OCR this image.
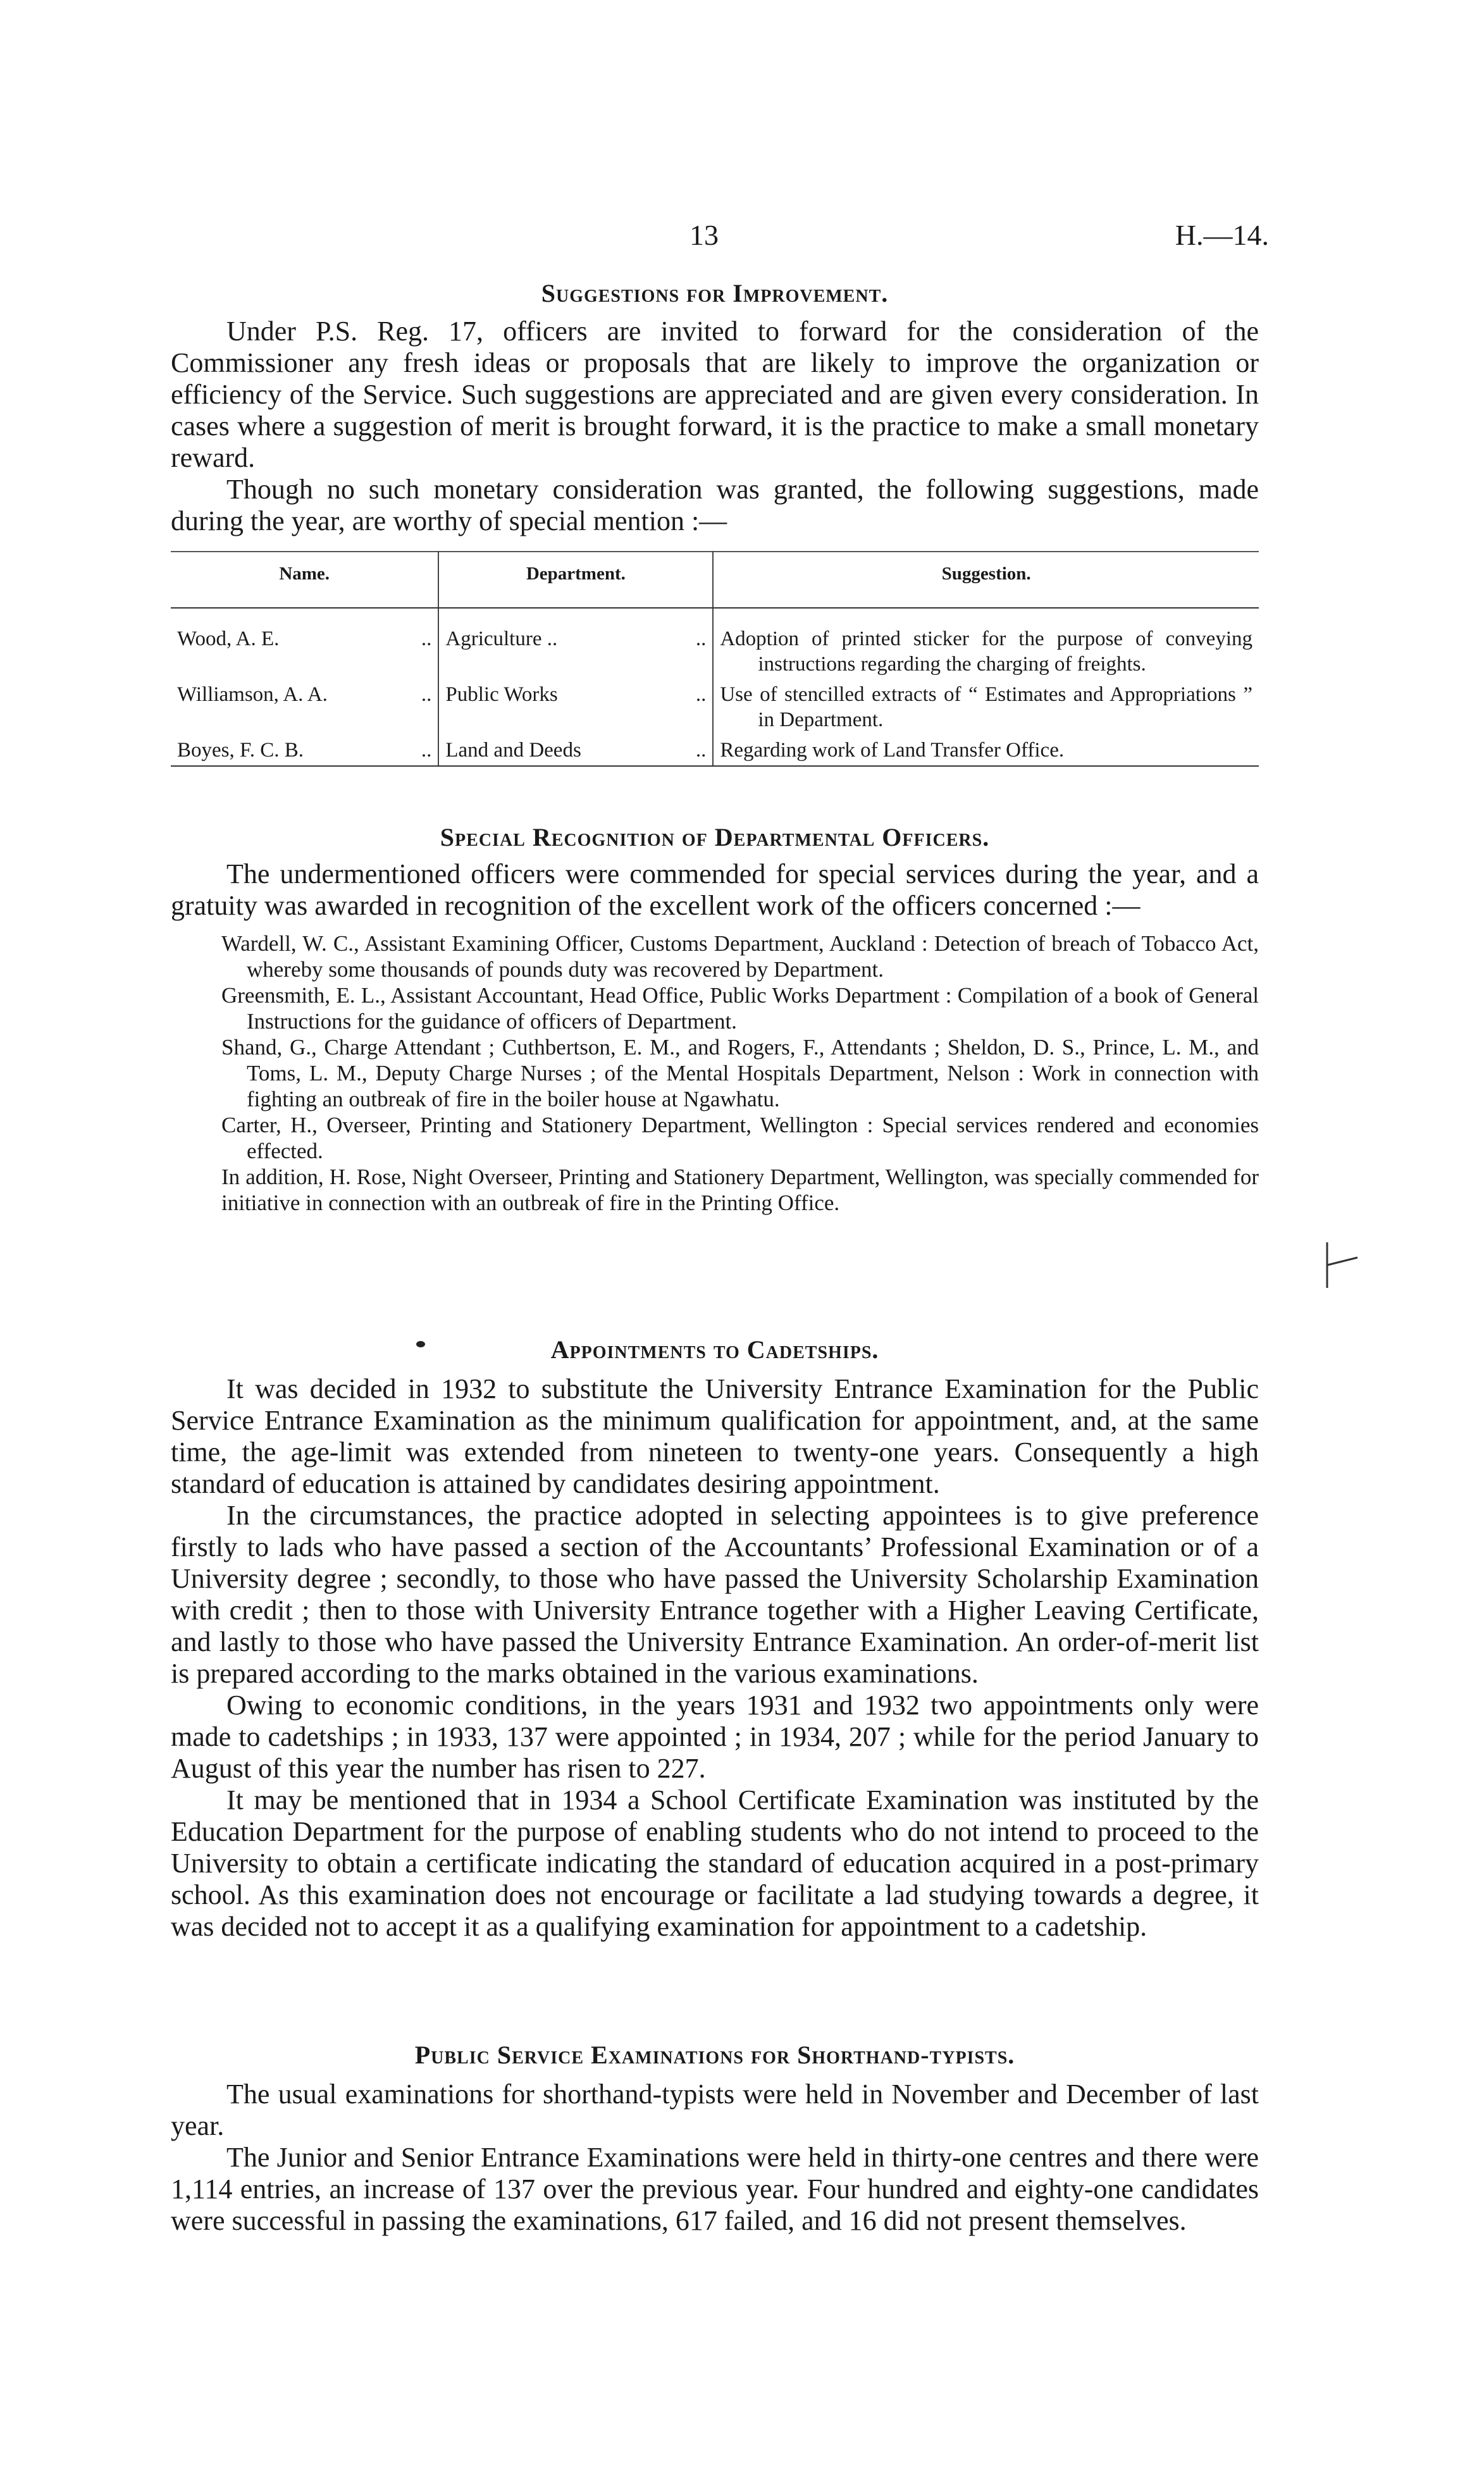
13	H.—14.
Suggestions for Improvement.

Under P.S. Reg. 17, officers are invited to forward for the consideration of the Commissioner any fresh ideas or proposals that are likely to improve the organization or efficiency of the Service. Such suggestions are appreciated and are given every consideration. In cases where a suggestion of merit is brought forward, it is the practice to make a small monetary reward.

Though no such monetary consideration was granted, the following suggestions, made during the year, are worthy of special mention :—

Name.	Department.	Suggestion.

Wood, A. E. ..	Agriculture .. ..	Adoption of printed sticker for the purpose of conveying instructions regarding the charging of freights.

Williamson, A. A. ..	Public Works ..	Use of stencilled extracts of “ Estimates and Appropriations ” in Department.

Boyes, F. C. B. ..	Land and Deeds ..	Regarding work of Land Transfer Office.
Special Recognition of Departmental Officers.

The undermentioned officers were commended for special services during the year, and a gratuity was awarded in recognition of the excellent work of the officers concerned :—

Wardell, W. C., Assistant Examining Officer, Customs Department, Auckland : Detection of breach of Tobacco Act, whereby some thousands of pounds duty was recovered by Department.

Greensmith, E. L., Assistant Accountant, Head Office, Public Works Department : Compilation of a book of General Instructions for the guidance of officers of Department.

Shand, G., Charge Attendant ; Cuthbertson, E. M., and Rogers, F., Attendants ; Sheldon, D. S., Prince, L. M., and Toms, L. M., Deputy Charge Nurses ; of the Mental Hospitals Department, Nelson : Work in connection with fighting an outbreak of fire in the boiler house at Ngawhatu.

Carter, H., Overseer, Printing and Stationery Department, Wellington : Special services rendered and economies effected.

In addition, H. Rose, Night Overseer, Printing and Stationery Department, Wellington, was specially commended for initiative in connection with an outbreak of fire in the Printing Office.

Appointments to Cadetships.

It was decided in 1932 to substitute the University Entrance Examination for the Public Service Entrance Examination as the minimum qualification for appointment, and, at the same time, the age-limit was extended from nineteen to twenty-one years. Consequently a high standard of education is attained by candidates desiring appointment.

In the circumstances, the practice adopted in selecting appointees is to give preference firstly to lads who have passed a section of the Accountants’ Professional Examination or of a University degree ; secondly, to those who have passed the University Scholarship Examination with credit ; then to those with University Entrance together with a Higher Leaving Certificate, and lastly to those who have passed the University Entrance Examination. An order-of-merit list is prepared according to the marks obtained in the various examinations.

Owing to economic conditions, in the years 1931 and 1932 two appointments only were made to cadetships ; in 1933, 137 were appointed ; in 1934, 207 ; while for the period January to August of this year the number has risen to 227.

It may be mentioned that in 1934 a School Certificate Examination was instituted by the Education Department for the purpose of enabling students who do not intend to proceed to the University to obtain a certificate indicating the standard of education acquired in a post-primary school. As this examination does not encourage or facilitate a lad studying towards a degree, it was decided not to accept it as a qualifying examination for appointment to a cadetship.

Public Service Examinations for Shorthand-typists.

The usual examinations for shorthand-typists were held in November and December of last year.

The Junior and Senior Entrance Examinations were held in thirty-one centres and there were 1,114 entries, an increase of 137 over the previous year. Four hundred and eighty-one candidates were successful in passing the examinations, 617 failed, and 16 did not present themselves.
